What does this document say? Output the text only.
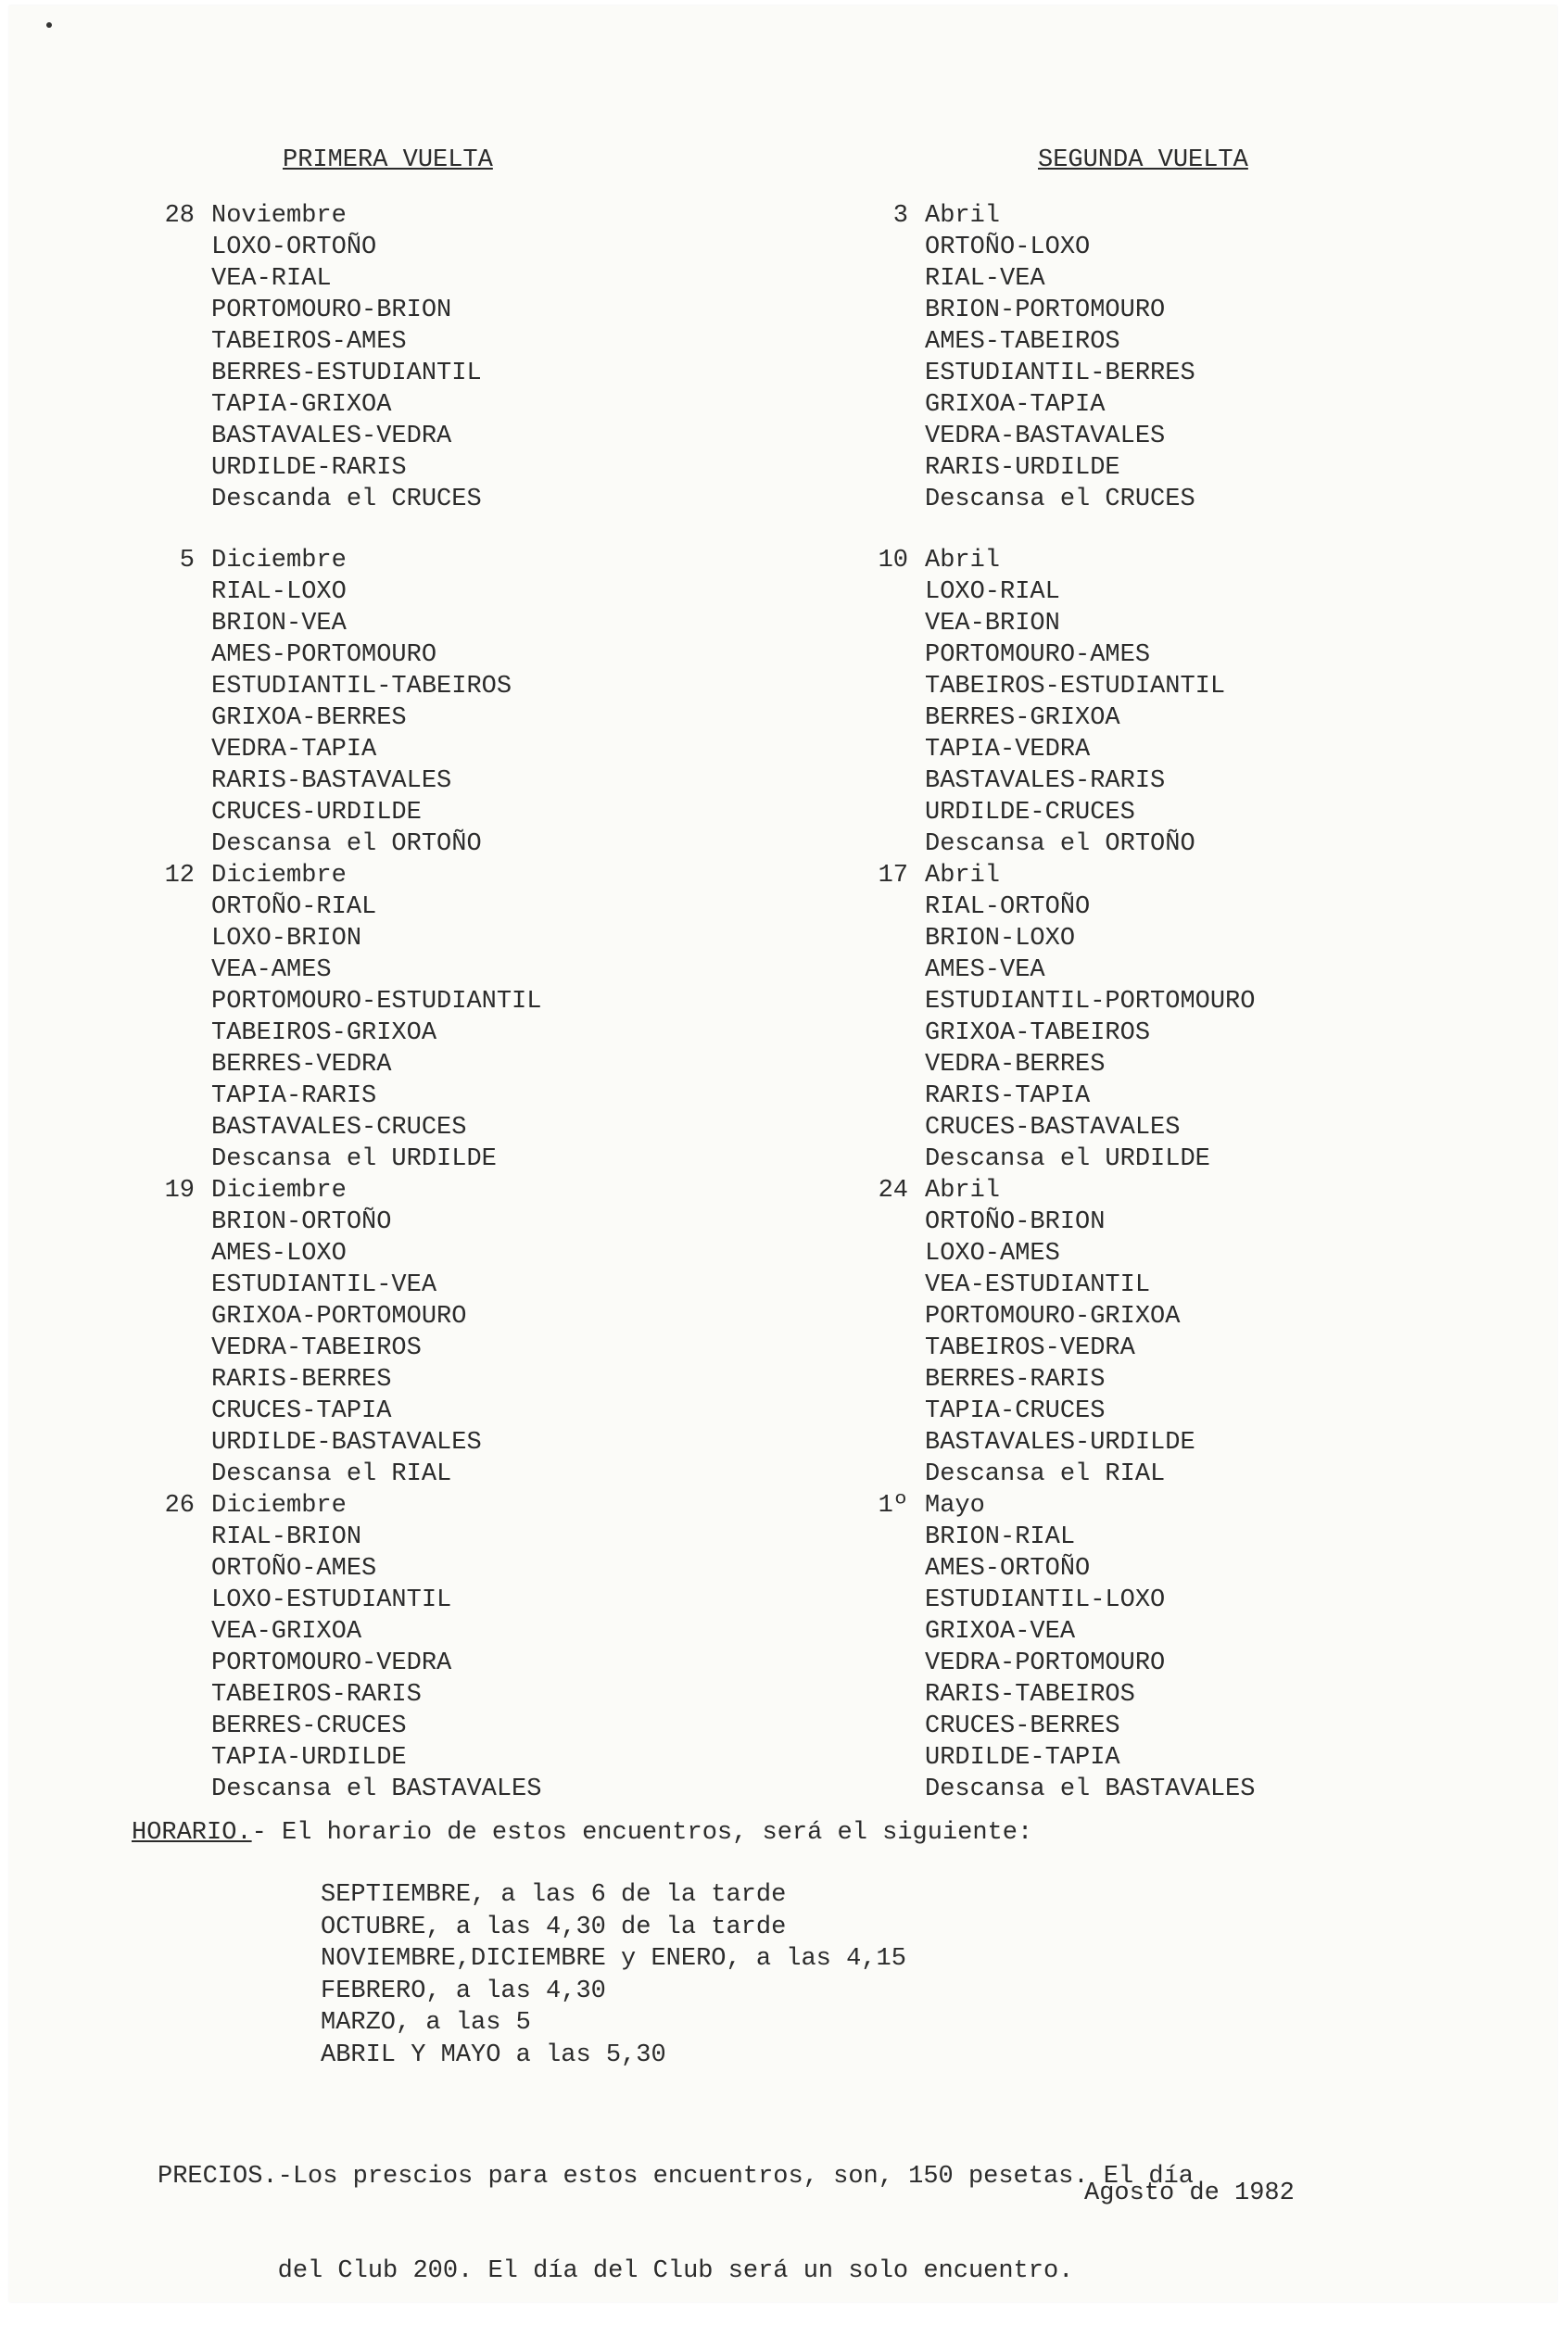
PRIMERA VUELTA	SEGUNDA VUELTA
28 Noviembre
LOXO-ORTOÑO
VEA-RIAL
PORTOMOURO-BRION
TABEIROS-AMES
BERRES-ESTUDIANTIL
TAPIA-GRIXOA
BASTAVALES-VEDRA
URDILDE-RARIS
Descanda el CRUCES
5 Diciembre
RIAL-LOXO
BRION-VEA
AMES-PORTOMOURO
ESTUDIANTIL-TABEIROS
GRIXOA-BERRES
VEDRA-TAPIA
RARIS-BASTAVALES
CRUCES-URDILDE
Descansa el ORTOÑO
12 Diciembre
ORTOÑO-RIAL
LOXO-BRION
VEA-AMES
PORTOMOURO-ESTUDIANTIL
TABEIROS-GRIXOA
BERRES-VEDRA
TAPIA-RARIS
BASTAVALES-CRUCES
Descansa el URDILDE
19 Diciembre
BRION-ORTOÑO
AMES-LOXO
ESTUDIANTIL-VEA
GRIXOA-PORTOMOURO
VEDRA-TABEIROS
RARIS-BERRES
CRUCES-TAPIA
URDILDE-BASTAVALES
Descansa el RIAL
26 Diciembre
RIAL-BRION
ORTOÑO-AMES
LOXO-ESTUDIANTIL
VEA-GRIXOA
PORTOMOURO-VEDRA
TABEIROS-RARIS
BERRES-CRUCES
TAPIA-URDILDE
Descansa el BASTAVALES
3 Abril
ORTOÑO-LOXO
RIAL-VEA
BRION-PORTOMOURO
AMES-TABEIROS
ESTUDIANTIL-BERRES
GRIXOA-TAPIA
VEDRA-BASTAVALES
RARIS-URDILDE
Descansa el CRUCES
10 Abril
LOXO-RIAL
VEA-BRION
PORTOMOURO-AMES
TABEIROS-ESTUDIANTIL
BERRES-GRIXOA
TAPIA-VEDRA
BASTAVALES-RARIS
URDILDE-CRUCES
Descansa el ORTOÑO
17 Abril
RIAL-ORTOÑO
BRION-LOXO
AMES-VEA
ESTUDIANTIL-PORTOMOURO
GRIXOA-TABEIROS
VEDRA-BERRES
RARIS-TAPIA
CRUCES-BASTAVALES
Descansa el URDILDE
24 Abril
ORTOÑO-BRION
LOXO-AMES
VEA-ESTUDIANTIL
PORTOMOURO-GRIXOA
TABEIROS-VEDRA
BERRES-RARIS
TAPIA-CRUCES
BASTAVALES-URDILDE
Descansa el RIAL
1º Mayo
BRION-RIAL
AMES-ORTOÑO
ESTUDIANTIL-LOXO
GRIXOA-VEA
VEDRA-PORTOMOURO
RARIS-TABEIROS
CRUCES-BERRES
URDILDE-TAPIA
Descansa el BASTAVALES
HORARIO.- El horario de estos encuentros, será el siguiente:
SEPTIEMBRE, a las 6 de la tarde
OCTUBRE, a las 4,30 de la tarde
NOVIEMBRE,DICIEMBRE y ENERO, a las 4,15
FEBRERO, a las 4,30
MARZO, a las 5
ABRIL Y MAYO a las 5,30

PRECIOS.-Los prescios para estos encuentros, son, 150 pesetas. El día

del Club 200. El día del Club será un solo encuentro.

Agosto de 1982
